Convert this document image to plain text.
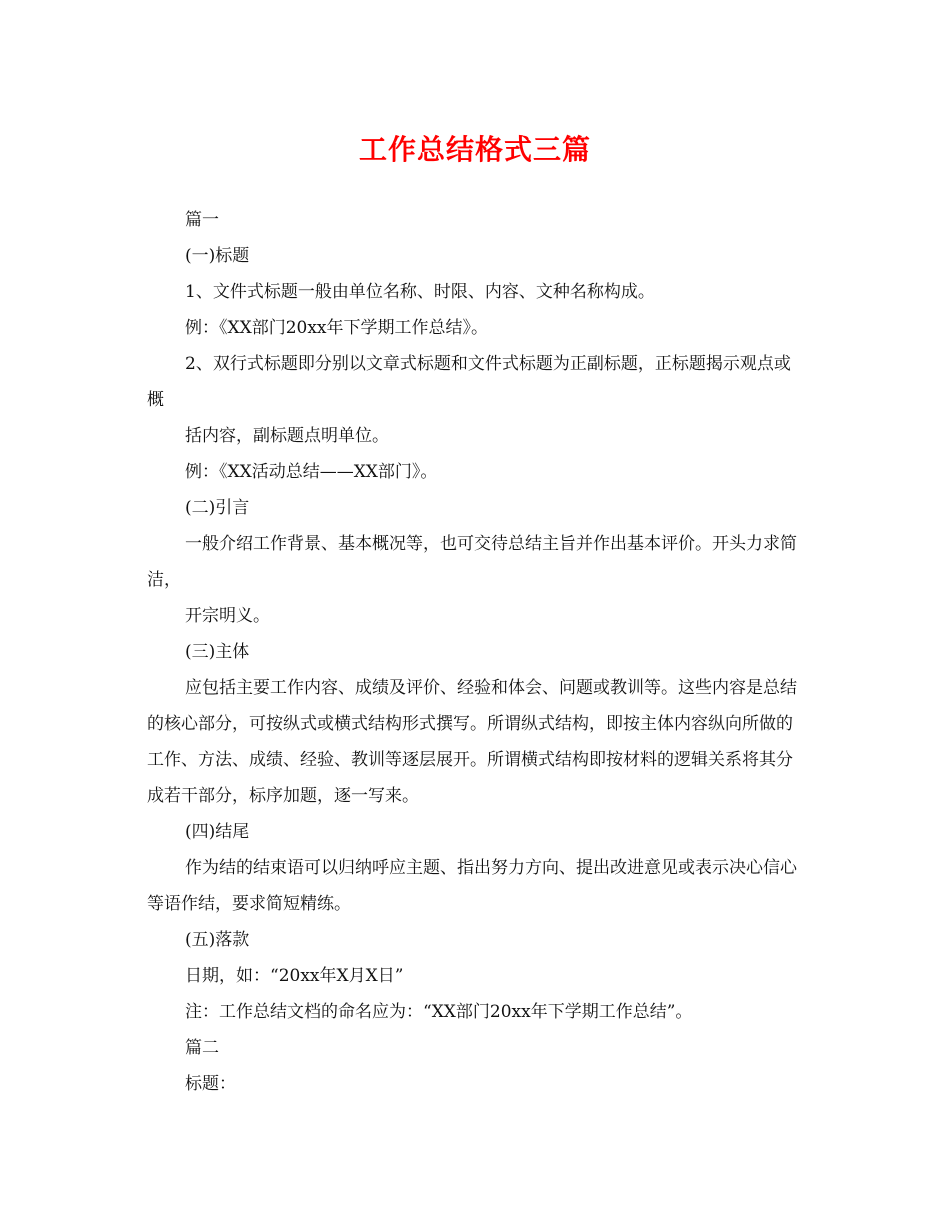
工作总结格式三篇

篇一

(一)标题

1、文件式标题一般由单位名称、时限、内容、文种名称构成。

例：《XX部门20xx年下学期工作总结》。

2、双行式标题即分别以文章式标题和文件式标题为正副标题，正标题揭示观点或概

括内容，副标题点明单位。

例：《XX活动总结——XX部门》。

(二)引言

一般介绍工作背景、基本概况等，也可交待总结主旨并作出基本评价。开头力求简洁，

开宗明义。

(三)主体

应包括主要工作内容、成绩及评价、经验和体会、问题或教训等。这些内容是总结的核心部分，可按纵式或横式结构形式撰写。所谓纵式结构，即按主体内容纵向所做的工作、方法、成绩、经验、教训等逐层展开。所谓横式结构即按材料的逻辑关系将其分成若干部分，标序加题，逐一写来。

(四)结尾

作为结的结束语可以归纳呼应主题、指出努力方向、提出改进意见或表示决心信心等语作结，要求简短精练。

(五)落款

日期，如：“20xx年X月X日”

注：工作总结文档的命名应为：“XX部门20xx年下学期工作总结”。

篇二

标题：
